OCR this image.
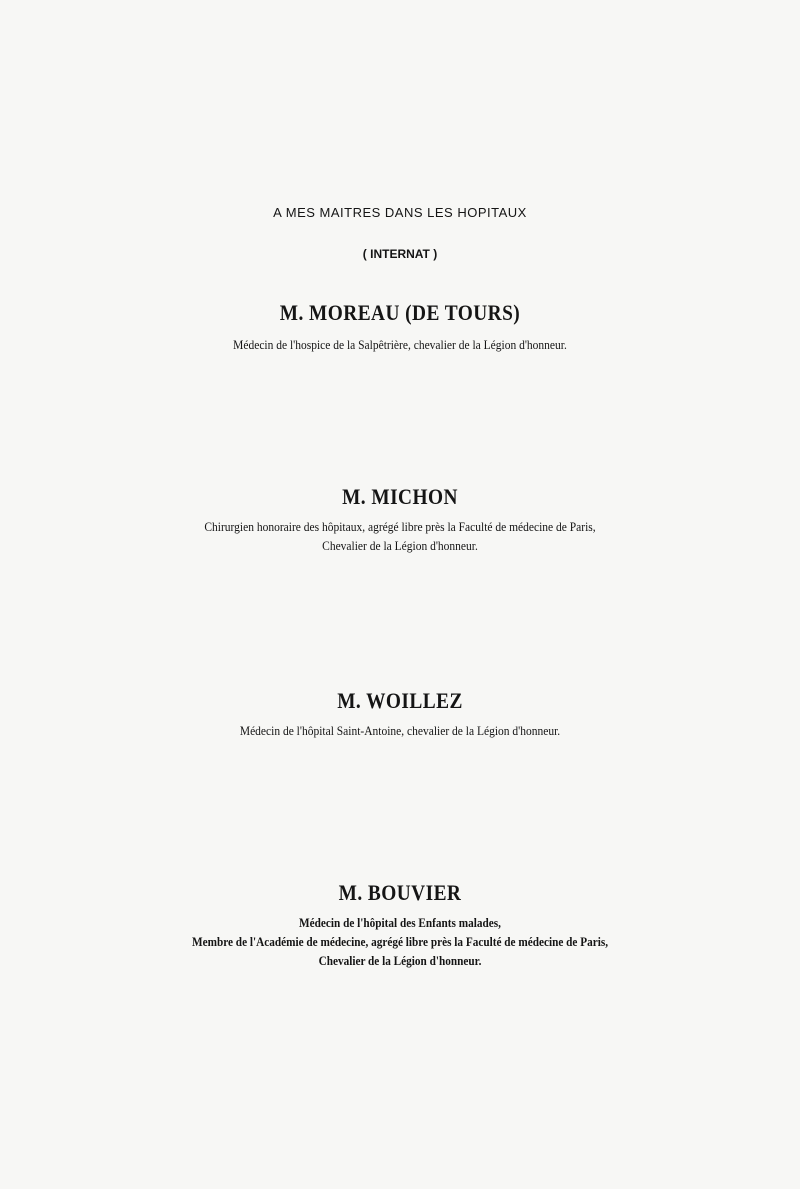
A MES MAITRES DANS LES HOPITAUX
( INTERNAT )
M. MOREAU (DE TOURS)
Médecin de l'hospice de la Salpêtrière, chevalier de la Légion d'honneur.
M. MICHON
Chirurgien honoraire des hôpitaux, agrégé libre près la Faculté de médecine de Paris,
Chevalier de la Légion d'honneur.
M. WOILLEZ
Médecin de l'hôpital Saint-Antoine, chevalier de la Légion d'honneur.
M. BOUVIER
Médecin de l'hôpital des Enfants malades,
Membre de l'Académie de médecine, agrégé libre près la Faculté de médecine de Paris,
Chevalier de la Légion d'honneur.
